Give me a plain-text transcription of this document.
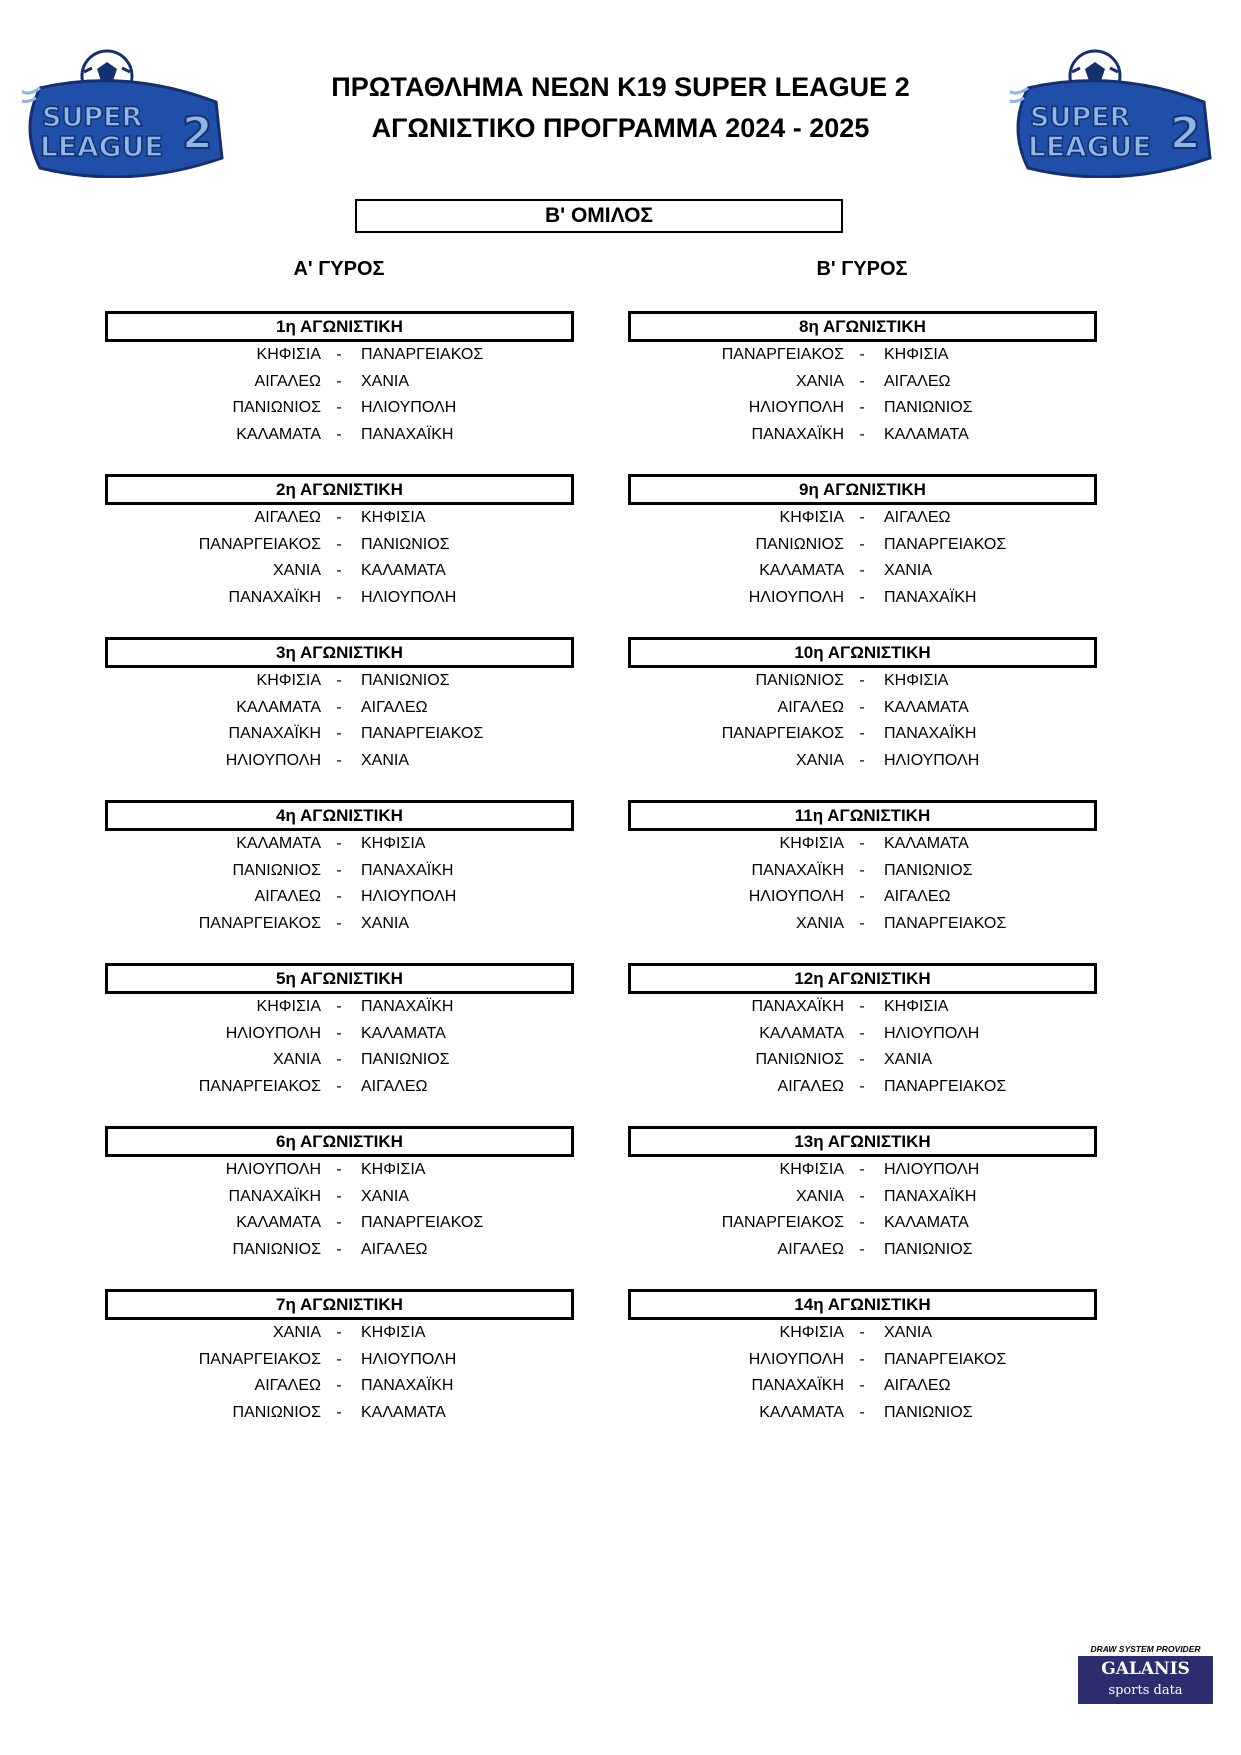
ΠΡΩΤΑΘΛΗΜΑ ΝΕΩΝ Κ19 SUPER LEAGUE 2
ΑΓΩΝΙΣΤΙΚΟ ΠΡΟΓΡΑΜΜΑ 2024 - 2025
SUPER
LEAGUE 2	SUPER
LEAGUE 2
Β' ΟΜΙΛΟΣ
Α' ΓΥΡΟΣ	Β' ΓΥΡΟΣ
1η ΑΓΩΝΙΣΤΙΚΗ
ΚΗΦΙΣΙΑ - ΠΑΝΑΡΓΕΙΑΚΟΣ
ΑΙΓΑΛΕΩ - ΧΑΝΙΑ
ΠΑΝΙΩΝΙΟΣ - ΗΛΙΟΥΠΟΛΗ
ΚΑΛΑΜΑΤΑ - ΠΑΝΑΧΑΪΚΗ
2η ΑΓΩΝΙΣΤΙΚΗ
ΑΙΓΑΛΕΩ - ΚΗΦΙΣΙΑ
ΠΑΝΑΡΓΕΙΑΚΟΣ - ΠΑΝΙΩΝΙΟΣ
ΧΑΝΙΑ - ΚΑΛΑΜΑΤΑ
ΠΑΝΑΧΑΪΚΗ - ΗΛΙΟΥΠΟΛΗ
3η ΑΓΩΝΙΣΤΙΚΗ
ΚΗΦΙΣΙΑ - ΠΑΝΙΩΝΙΟΣ
ΚΑΛΑΜΑΤΑ - ΑΙΓΑΛΕΩ
ΠΑΝΑΧΑΪΚΗ - ΠΑΝΑΡΓΕΙΑΚΟΣ
ΗΛΙΟΥΠΟΛΗ - ΧΑΝΙΑ
4η ΑΓΩΝΙΣΤΙΚΗ
ΚΑΛΑΜΑΤΑ - ΚΗΦΙΣΙΑ
ΠΑΝΙΩΝΙΟΣ - ΠΑΝΑΧΑΪΚΗ
ΑΙΓΑΛΕΩ - ΗΛΙΟΥΠΟΛΗ
ΠΑΝΑΡΓΕΙΑΚΟΣ - ΧΑΝΙΑ
5η ΑΓΩΝΙΣΤΙΚΗ
ΚΗΦΙΣΙΑ - ΠΑΝΑΧΑΪΚΗ
ΗΛΙΟΥΠΟΛΗ - ΚΑΛΑΜΑΤΑ
ΧΑΝΙΑ - ΠΑΝΙΩΝΙΟΣ
ΠΑΝΑΡΓΕΙΑΚΟΣ - ΑΙΓΑΛΕΩ
6η ΑΓΩΝΙΣΤΙΚΗ
ΗΛΙΟΥΠΟΛΗ - ΚΗΦΙΣΙΑ
ΠΑΝΑΧΑΪΚΗ - ΧΑΝΙΑ
ΚΑΛΑΜΑΤΑ - ΠΑΝΑΡΓΕΙΑΚΟΣ
ΠΑΝΙΩΝΙΟΣ - ΑΙΓΑΛΕΩ
7η ΑΓΩΝΙΣΤΙΚΗ
ΧΑΝΙΑ - ΚΗΦΙΣΙΑ
ΠΑΝΑΡΓΕΙΑΚΟΣ - ΗΛΙΟΥΠΟΛΗ
ΑΙΓΑΛΕΩ - ΠΑΝΑΧΑΪΚΗ
ΠΑΝΙΩΝΙΟΣ - ΚΑΛΑΜΑΤΑ
8η ΑΓΩΝΙΣΤΙΚΗ
ΠΑΝΑΡΓΕΙΑΚΟΣ - ΚΗΦΙΣΙΑ
ΧΑΝΙΑ - ΑΙΓΑΛΕΩ
ΗΛΙΟΥΠΟΛΗ - ΠΑΝΙΩΝΙΟΣ
ΠΑΝΑΧΑΪΚΗ - ΚΑΛΑΜΑΤΑ
9η ΑΓΩΝΙΣΤΙΚΗ
ΚΗΦΙΣΙΑ - ΑΙΓΑΛΕΩ
ΠΑΝΙΩΝΙΟΣ - ΠΑΝΑΡΓΕΙΑΚΟΣ
ΚΑΛΑΜΑΤΑ - ΧΑΝΙΑ
ΗΛΙΟΥΠΟΛΗ - ΠΑΝΑΧΑΪΚΗ
10η ΑΓΩΝΙΣΤΙΚΗ
ΠΑΝΙΩΝΙΟΣ - ΚΗΦΙΣΙΑ
ΑΙΓΑΛΕΩ - ΚΑΛΑΜΑΤΑ
ΠΑΝΑΡΓΕΙΑΚΟΣ - ΠΑΝΑΧΑΪΚΗ
ΧΑΝΙΑ - ΗΛΙΟΥΠΟΛΗ
11η ΑΓΩΝΙΣΤΙΚΗ
ΚΗΦΙΣΙΑ - ΚΑΛΑΜΑΤΑ
ΠΑΝΑΧΑΪΚΗ - ΠΑΝΙΩΝΙΟΣ
ΗΛΙΟΥΠΟΛΗ - ΑΙΓΑΛΕΩ
ΧΑΝΙΑ - ΠΑΝΑΡΓΕΙΑΚΟΣ
12η ΑΓΩΝΙΣΤΙΚΗ
ΠΑΝΑΧΑΪΚΗ - ΚΗΦΙΣΙΑ
ΚΑΛΑΜΑΤΑ - ΗΛΙΟΥΠΟΛΗ
ΠΑΝΙΩΝΙΟΣ - ΧΑΝΙΑ
ΑΙΓΑΛΕΩ - ΠΑΝΑΡΓΕΙΑΚΟΣ
13η ΑΓΩΝΙΣΤΙΚΗ
ΚΗΦΙΣΙΑ - ΗΛΙΟΥΠΟΛΗ
ΧΑΝΙΑ - ΠΑΝΑΧΑΪΚΗ
ΠΑΝΑΡΓΕΙΑΚΟΣ - ΚΑΛΑΜΑΤΑ
ΑΙΓΑΛΕΩ - ΠΑΝΙΩΝΙΟΣ
14η ΑΓΩΝΙΣΤΙΚΗ
ΚΗΦΙΣΙΑ - ΧΑΝΙΑ
ΗΛΙΟΥΠΟΛΗ - ΠΑΝΑΡΓΕΙΑΚΟΣ
ΠΑΝΑΧΑΪΚΗ - ΑΙΓΑΛΕΩ
ΚΑΛΑΜΑΤΑ - ΠΑΝΙΩΝΙΟΣ
DRAW SYSTEM PROVIDER
GALANIS
sports data
